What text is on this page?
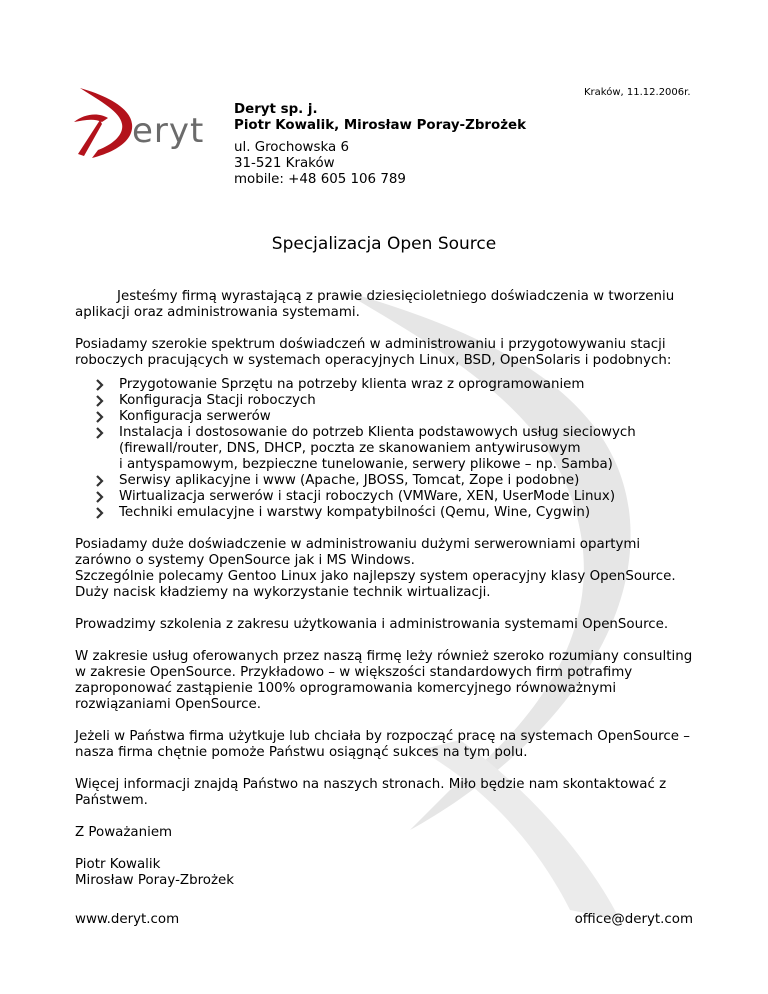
Kraków, 11.12.2006r.
eryt
Deryt sp. j.
Piotr Kowalik, Mirosław Poray-Zbrożek
ul. Grochowska 6
31-521 Kraków
mobile: +48 605 106 789
Specjalizacja Open Source

Jesteśmy firmą wyrastającą z prawie dziesięcioletniego doświadczenia w tworzeniu aplikacji oraz administrowania systemami.

Posiadamy szerokie spektrum doświadczeń w administrowaniu i przygotowywaniu stacji roboczych pracujących w systemach operacyjnych Linux, BSD, OpenSolaris i podobnych:

Przygotowanie Sprzętu na potrzeby klienta wraz z oprogramowaniem
Konfiguracja Stacji roboczych
Konfiguracja serwerów
Instalacja i dostosowanie do potrzeb Klienta podstawowych usług sieciowych
(firewall/router, DNS, DHCP, poczta ze skanowaniem antywirusowym
i antyspamowym, bezpieczne tunelowanie, serwery plikowe – np. Samba)
Serwisy aplikacyjne i www (Apache, JBOSS, Tomcat, Zope i podobne)
Wirtualizacja serwerów i stacji roboczych (VMWare, XEN, UserMode Linux)
Techniki emulacyjne i warstwy kompatybilności (Qemu, Wine, Cygwin)

Posiadamy duże doświadczenie w administrowaniu dużymi serwerowniami opartymi
zarówno o systemy OpenSource jak i MS Windows.
Szczególnie polecamy Gentoo Linux jako najlepszy system operacyjny klasy OpenSource.
Duży nacisk kładziemy na wykorzystanie technik wirtualizacji.

Prowadzimy szkolenia z zakresu użytkowania i administrowania systemami OpenSource.

W zakresie usług oferowanych przez naszą firmę leży również szeroko rozumiany consulting w zakresie OpenSource. Przykładowo – w większości standardowych firm potrafimy zaproponować zastąpienie 100% oprogramowania komercyjnego równoważnymi rozwiązaniami OpenSource.

Jeżeli w Państwa firma użytkuje lub chciała by rozpocząć pracę na systemach OpenSource – nasza firma chętnie pomoże Państwu osiągnąć sukces na tym polu.

Więcej informacji znajdą Państwo na naszych stronach. Miło będzie nam skontaktować z Państwem.

Z Poważaniem

Piotr Kowalik
Mirosław Poray-Zbrożek
www.deryt.com	office@deryt.com
